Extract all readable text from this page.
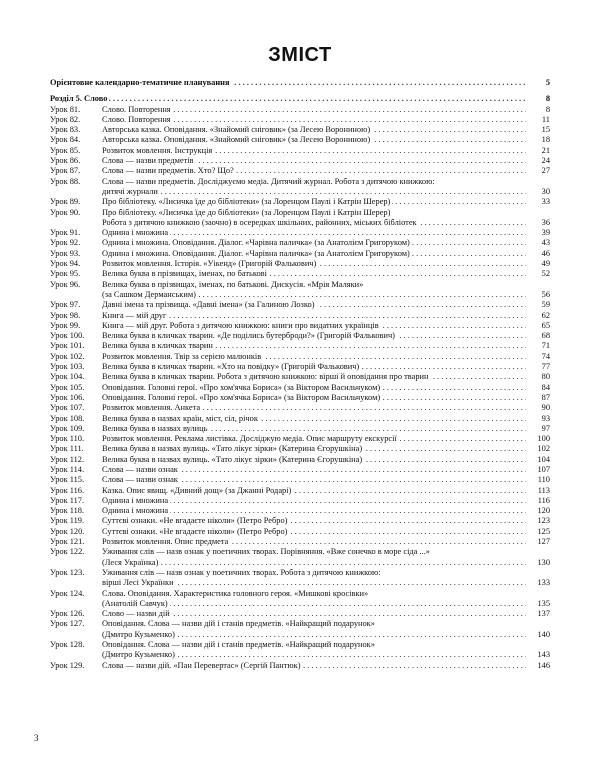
ЗМІСТ
Орієнтовне календарно-тематичне планування . . .	5
Розділ 5. Слово . . .	8
Урок 81.	Слово. Повторення . . .	8
Урок 82.	Слово. Повторення . . .	11
Урок 83.	Авторська казка. Оповідання. «Знайомий сніговик» (за Лесею Ворониною) . . .	15
Урок 84.	Авторська казка. Оповідання. «Знайомий сніговик» (за Лесею Ворониною) . . .	18
Урок 85.	Розвиток мовлення. Інструкція . . .	21
Урок 86.	Слова — назви предметів . . .	24
Урок 87.	Слова — назви предметів. Хто? Що? . . .	27
Урок 88.	Слова — назви предметів. Досліджуємо медіа. Дитячий журнал. Робота з дитячою книжкою:
дитячі журнали . . .	30
Урок 89.	Про бібліотеку. «Лисичка їде до бібліотеки» (за Лоренцом Паулі і Катрін Шерер) . . .	33
Урок 90.	Про бібліотеку. «Лисичка їде до бібліотеки» (за Лоренцом Паулі і Катрін Шерер)
Робота з дитячою книжкою (заочно) в осередках шкільних, районних, міських бібліотек . . .	36
Урок 91.	Однина і множина . . .	39
Урок 92.	Однина і множина. Оповідання. Діалог. «Чарівна паличка» (за Анатолієм Григоруком) . . .	43
Урок 93.	Однина і множина. Оповідання. Діалог. «Чарівна паличка» (за Анатолієм Григоруком) . . .	46
Урок 94.	Розвиток мовлення. Історія. «Уікенд» (Григорій Фалькович) . . .	49
Урок 95.	Велика буква в прізвищах, іменах, по батькові . . .	52
Урок 96.	Велика буква в прізвищах, іменах, по батькові. Дискусія. «Мрія Маляки»
(за Сашком Дерманським) . . .	56
Урок 97.	Давні імена та прізвища. «Давні імена» (за Галиною Лозко) . . .	59
Урок 98.	Книга — мій друг . . .	62
Урок 99.	Книга — мій друг. Робота з дитячою книжкою: книги про видатних українців . . .	65
Урок 100.	Велика буква в кличках тварин. «Де поділись бутерброди?» (Григорій Фалькович) . . .	68
Урок 101.	Велика буква в кличках тварин . . .	71
Урок 102.	Розвиток мовлення. Твір за серією малюнків . . .	74
Урок 103.	Велика буква в кличках тварин. «Хто на повідку» (Григорій Фалькович) . . .	77
Урок 104.	Велика буква в кличках тварин. Робота з дитячою книжкою: вірші й оповідання про тварин . . .	80
Урок 105.	Оповідання. Головні герої. «Про хом'ячка Бориса» (за Віктором Васильчуком) . . .	84
Урок 106.	Оповідання. Головні герої. «Про хом'ячка Бориса» (за Віктором Васильчуком) . . .	87
Урок 107.	Розвиток мовлення. Анкета . . .	90
Урок 108.	Велика буква в назвах країн, міст, сіл, річок . . .	93
Урок 109.	Велика буква в назвах вулиць . . .	97
Урок 110.	Розвиток мовлення. Реклама листівка. Досліджую медіа. Опис маршруту екскурсії . . .	100
Урок 111.	Велика буква в назвах вулиць. «Тато лікує зірки» (Катерина Єгорушкіна) . . .	102
Урок 112.	Велика буква в назвах вулиць. «Тато лікує зірки» (Катерина Єгорушкіна) . . .	104
Урок 114.	Слова — назви ознак . . .	107
Урок 115.	Слова — назви ознак . . .	110
Урок 116.	Казка. Опис явищ. «Дивний дощ» (за Джанні Родарі) . . .	113
Урок 117.	Однина і множина . . .	116
Урок 118.	Однина і множина . . .	120
Урок 119.	Суттєві ознаки. «Не вгадаєте ніколи» (Петро Ребро) . . .	123
Урок 120.	Суттєві ознаки. «Не вгадаєте ніколи» (Петро Ребро) . . .	125
Урок 121.	Розвиток мовлення. Опис предмета . . .	127
Урок 122.	Уживання слів — назв ознак у поетичних творах. Порівняння. «Вже сонечко в море сіда ...»
(Леся Українка) . . .	130
Урок 123.	Уживання слів — назв ознак у поетичних творах. Робота з дитячою книжкою:
вірші Лесі Українки . . .	133
Урок 124.	Слова. Оповідання. Характеристика головного героя. «Мишкові кросівки»
(Анатолій Савчук) . . .	135
Урок 126.	Слово — назви дій . . .	137
Урок 127.	Оповідання. Слова — назви дій і станів предметів. «Найкращий подарунок»
(Дмитро Кузьменко) . . .	140
Урок 128.	Оповідання. Слова — назви дій і станів предметів. «Найкращий подарунок»
(Дмитро Кузьменко) . . .	143
Урок 129.	Слова — назви дій. «Пан Перевертас» (Сергій Пантюк) . . .	146
3
